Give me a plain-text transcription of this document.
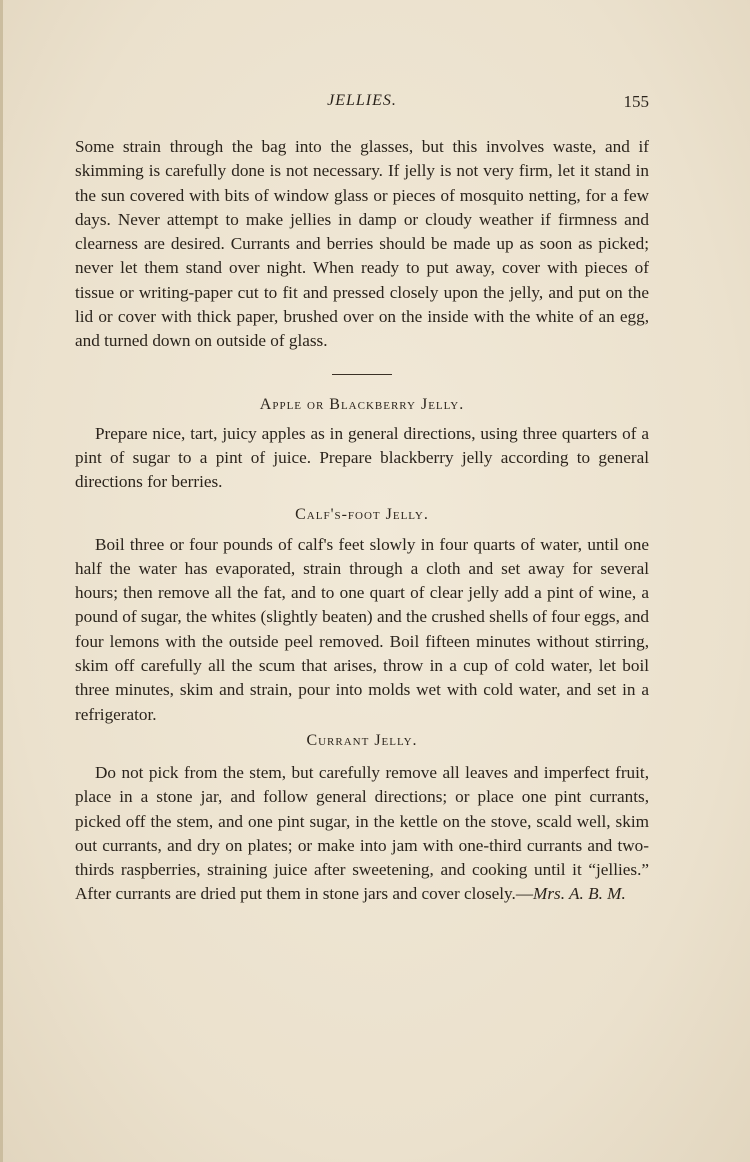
JELLIES.	155

Some strain through the bag into the glasses, but this involves waste, and if skimming is carefully done is not necessary. If jelly is not very firm, let it stand in the sun covered with bits of window glass or pieces of mosquito netting, for a few days. Never attempt to make jellies in damp or cloudy weather if firmness and clearness are desired. Currants and berries should be made up as soon as picked; never let them stand over night. When ready to put away, cover with pieces of tissue or writing-paper cut to fit and pressed closely upon the jelly, and put on the lid or cover with thick paper, brushed over on the inside with the white of an egg, and turned down on outside of glass.

Apple or Blackberry Jelly.

Prepare nice, tart, juicy apples as in general directions, using three quarters of a pint of sugar to a pint of juice. Prepare blackberry jelly according to general directions for berries.

Calf's-foot Jelly.

Boil three or four pounds of calf's feet slowly in four quarts of water, until one half the water has evaporated, strain through a cloth and set away for several hours; then remove all the fat, and to one quart of clear jelly add a pint of wine, a pound of sugar, the whites (slightly beaten) and the crushed shells of four eggs, and four lemons with the outside peel removed. Boil fifteen minutes without stirring, skim off carefully all the scum that arises, throw in a cup of cold water, let boil three minutes, skim and strain, pour into molds wet with cold water, and set in a refrigerator.

Currant Jelly.

Do not pick from the stem, but carefully remove all leaves and imperfect fruit, place in a stone jar, and follow general directions; or place one pint currants, picked off the stem, and one pint sugar, in the kettle on the stove, scald well, skim out currants, and dry on plates; or make into jam with one-third currants and two-thirds raspberries, straining juice after sweetening, and cooking until it “jellies.” After currants are dried put them in stone jars and cover closely.—Mrs. A. B. M.
